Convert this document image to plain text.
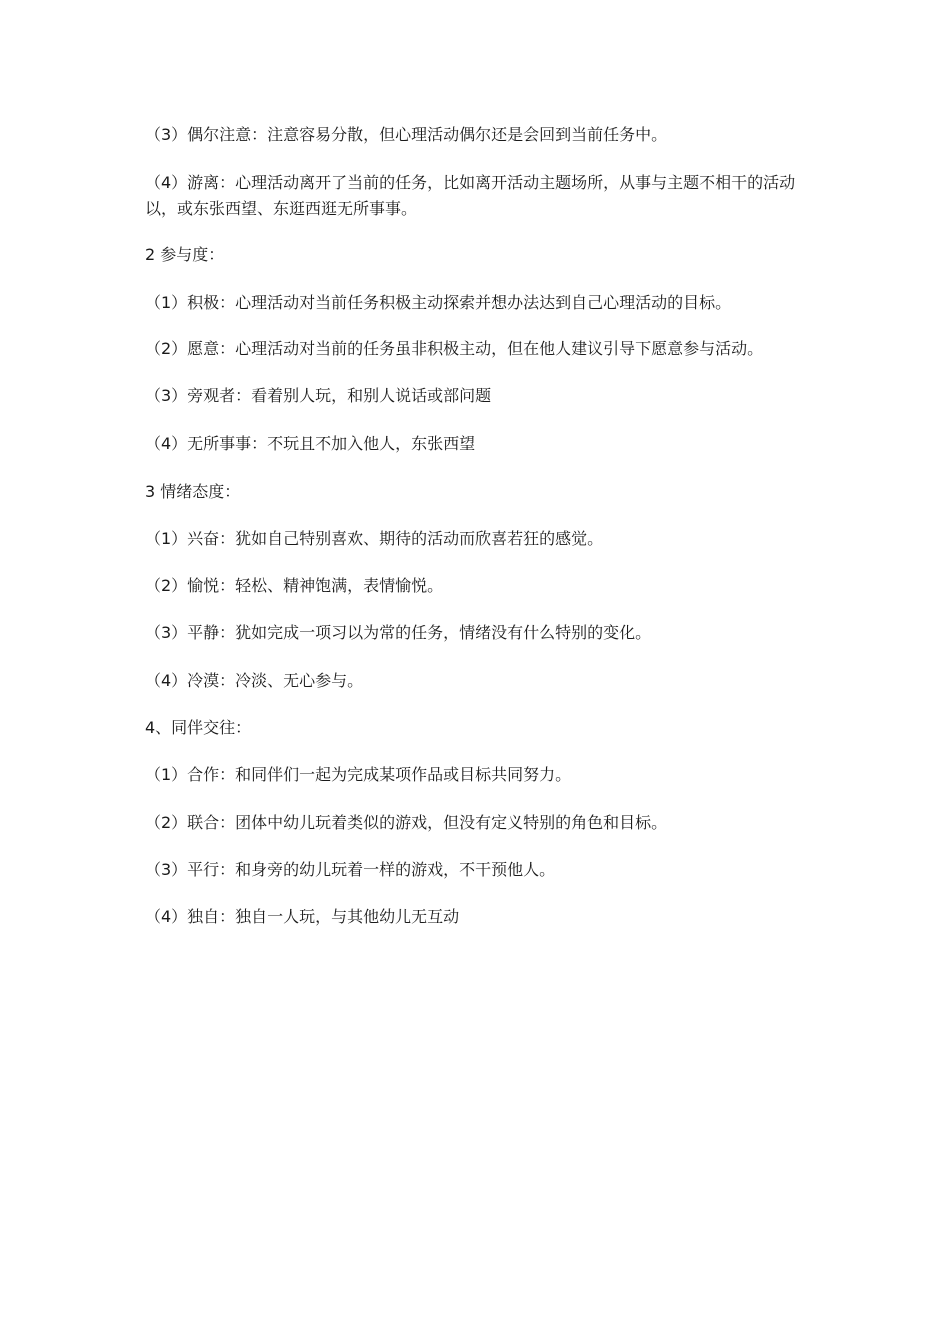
（3）偶尔注意：注意容易分散，但心理活动偶尔还是会回到当前任务中。
（4）游离：心理活动离开了当前的任务，比如离开活动主题场所，从事与主题不相干的活动以，或东张西望、东逛西逛无所事事。
2 参与度：
（1）积极：心理活动对当前任务积极主动探索并想办法达到自己心理活动的目标。
（2）愿意：心理活动对当前的任务虽非积极主动，但在他人建议引导下愿意参与活动。
（3）旁观者：看着别人玩，和别人说话或部问题
（4）无所事事：不玩且不加入他人，东张西望
3 情绪态度：
（1）兴奋：犹如自己特别喜欢、期待的活动而欣喜若狂的感觉。
（2）愉悦：轻松、精神饱满，表情愉悦。
（3）平静：犹如完成一项习以为常的任务，情绪没有什么特别的变化。
（4）冷漠：冷淡、无心参与。
4、同伴交往：
（1）合作：和同伴们一起为完成某项作品或目标共同努力。
（2）联合：团体中幼儿玩着类似的游戏，但没有定义特别的角色和目标。
（3）平行：和身旁的幼儿玩着一样的游戏，不干预他人。
（4）独自：独自一人玩，与其他幼儿无互动
